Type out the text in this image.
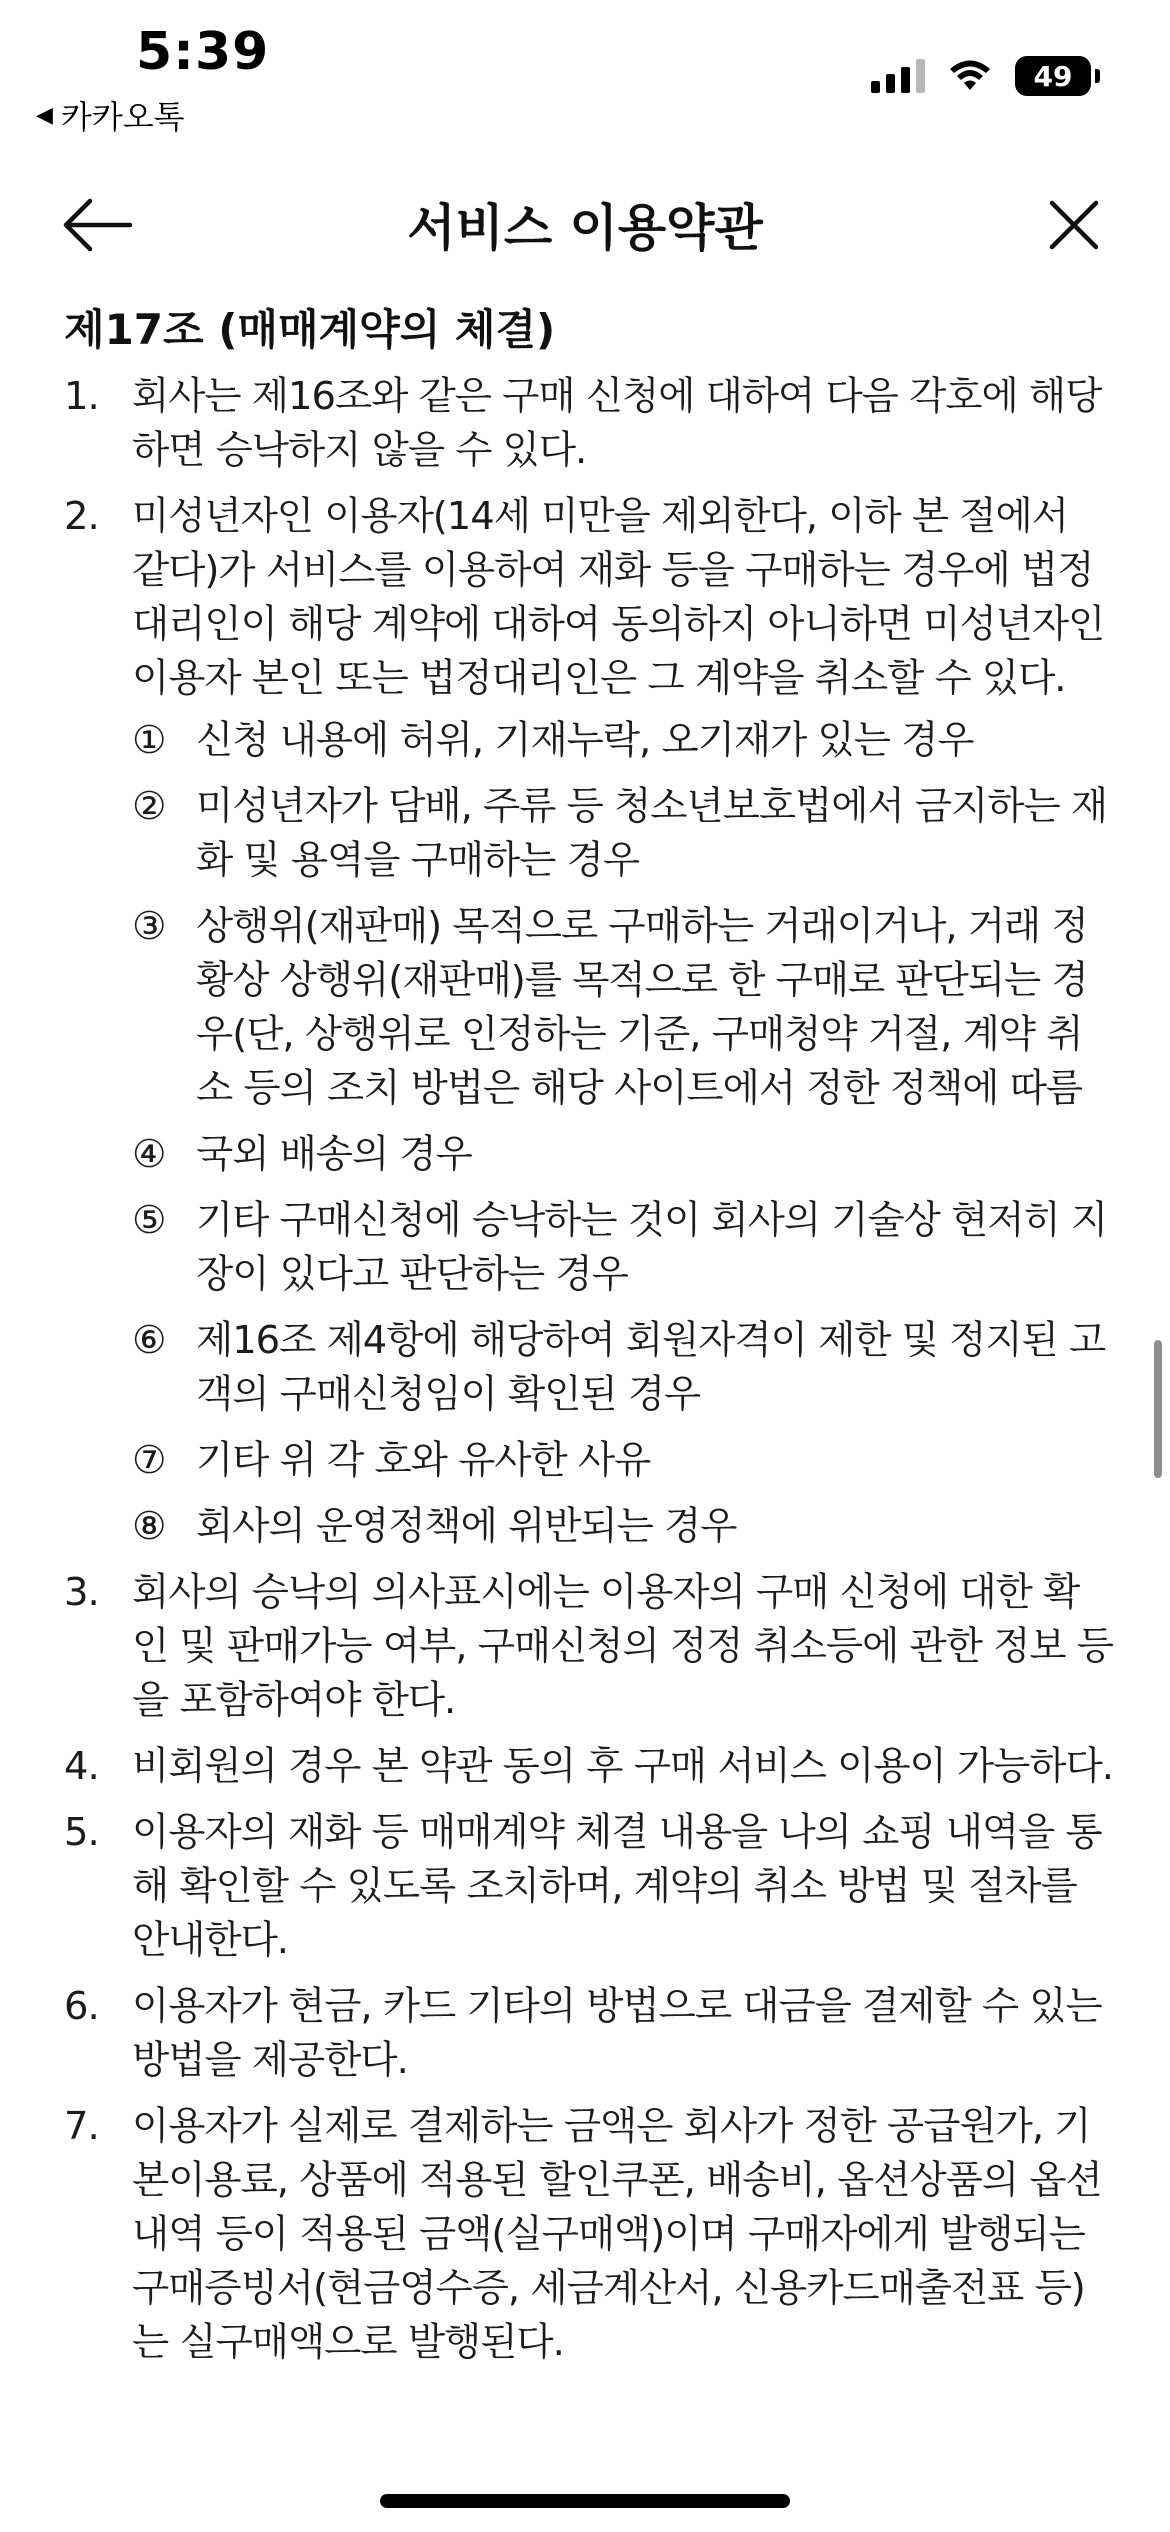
5:39
◀ 카카오톡
49
서비스 이용약관
제17조 (매매계약의 체결)
1. 회사는 제16조와 같은 구매 신청에 대하여 다음 각호에 해당하면 승낙하지 않을 수 있다.
2. 미성년자인 이용자(14세 미만을 제외한다, 이하 본 절에서 같다)가 서비스를 이용하여 재화 등을 구매하는 경우에 법정대리인이 해당 계약에 대하여 동의하지 아니하면 미성년자인 이용자 본인 또는 법정대리인은 그 계약을 취소할 수 있다.
① 신청 내용에 허위, 기재누락, 오기재가 있는 경우
② 미성년자가 담배, 주류 등 청소년보호법에서 금지하는 재화 및 용역을 구매하는 경우
③ 상행위(재판매) 목적으로 구매하는 거래이거나, 거래 정황상 상행위(재판매)를 목적으로 한 구매로 판단되는 경우(단, 상행위로 인정하는 기준, 구매청약 거절, 계약 취소 등의 조치 방법은 해당 사이트에서 정한 정책에 따름
④ 국외 배송의 경우
⑤ 기타 구매신청에 승낙하는 것이 회사의 기술상 현저히 지장이 있다고 판단하는 경우
⑥ 제16조 제4항에 해당하여 회원자격이 제한 및 정지된 고객의 구매신청임이 확인된 경우
⑦ 기타 위 각 호와 유사한 사유
⑧ 회사의 운영정책에 위반되는 경우
3. 회사의 승낙의 의사표시에는 이용자의 구매 신청에 대한 확인 및 판매가능 여부, 구매신청의 정정 취소등에 관한 정보 등을 포함하여야 한다.
4. 비회원의 경우 본 약관 동의 후 구매 서비스 이용이 가능하다.
5. 이용자의 재화 등 매매계약 체결 내용을 나의 쇼핑 내역을 통해 확인할 수 있도록 조치하며, 계약의 취소 방법 및 절차를 안내한다.
6. 이용자가 현금, 카드 기타의 방법으로 대금을 결제할 수 있는 방법을 제공한다.
7. 이용자가 실제로 결제하는 금액은 회사가 정한 공급원가, 기본이용료, 상품에 적용된 할인쿠폰, 배송비, 옵션상품의 옵션내역 등이 적용된 금액(실구매액)이며 구매자에게 발행되는 구매증빙서(현금영수증, 세금계산서, 신용카드매출전표 등)는 실구매액으로 발행된다.
